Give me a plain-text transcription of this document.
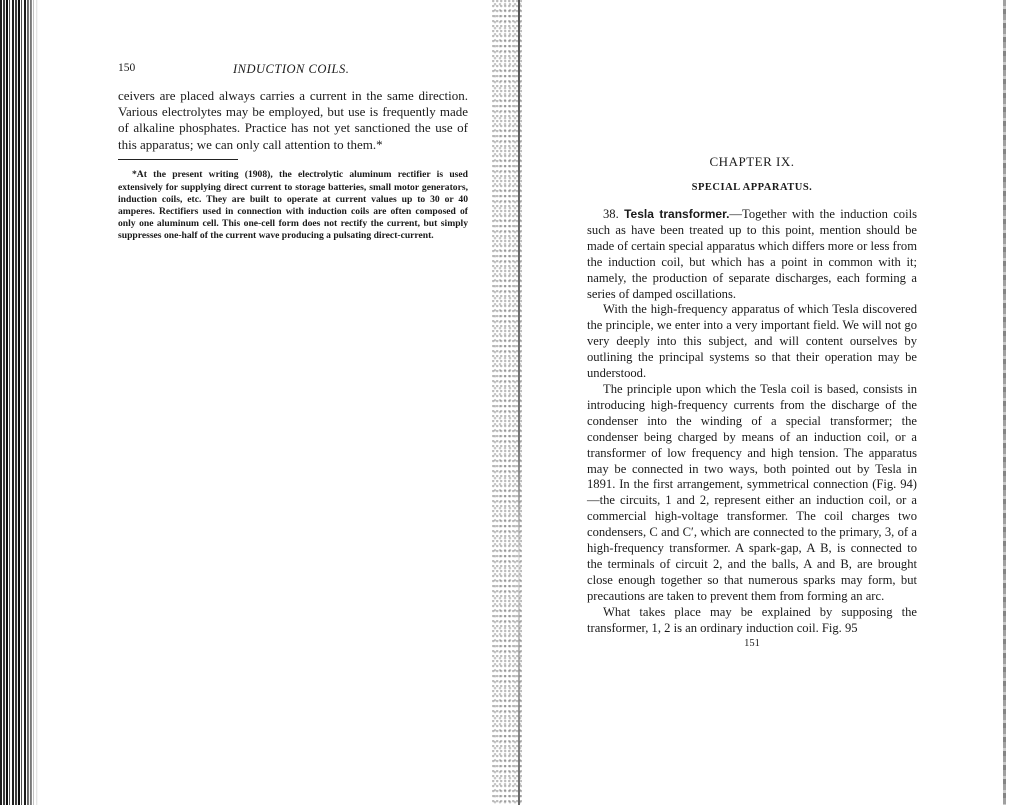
150	INDUCTION COILS.

ceivers are placed always carries a current in the same direction. Various electrolytes may be employed, but use is frequently made of alkaline phosphates. Practice has not yet sanctioned the use of this apparatus; we can only call attention to them.*

*At the present writing (1908), the electrolytic aluminum rectifier is used extensively for supplying direct current to storage batteries, small motor generators, induction coils, etc. They are built to operate at current values up to 30 or 40 amperes. Rectifiers used in connection with induction coils are often composed of only one aluminum cell. This one-cell form does not rectify the current, but simply suppresses one-half of the current wave producing a pulsating direct-current.

CHAPTER IX.
SPECIAL APPARATUS.

38. Tesla transformer.—Together with the induction coils such as have been treated up to this point, mention should be made of certain special apparatus which differs more or less from the induction coil, but which has a point in common with it; namely, the production of separate discharges, each forming a series of damped oscillations.

With the high-frequency apparatus of which Tesla discovered the principle, we enter into a very important field. We will not go very deeply into this subject, and will content ourselves by outlining the principal systems so that their operation may be understood.

The principle upon which the Tesla coil is based, consists in introducing high-frequency currents from the discharge of the condenser into the winding of a special transformer; the condenser being charged by means of an induction coil, or a transformer of low frequency and high tension. The apparatus may be connected in two ways, both pointed out by Tesla in 1891. In the first arrangement, symmetrical connection (Fig. 94)—the circuits, 1 and 2, represent either an induction coil, or a commercial high-voltage transformer. The coil charges two condensers, C and C′, which are connected to the primary, 3, of a high-frequency transformer. A spark-gap, A B, is connected to the terminals of circuit 2, and the balls, A and B, are brought close enough together so that numerous sparks may form, but precautions are taken to prevent them from forming an arc.

What takes place may be explained by supposing the transformer, 1, 2 is an ordinary induction coil. Fig. 95

151
